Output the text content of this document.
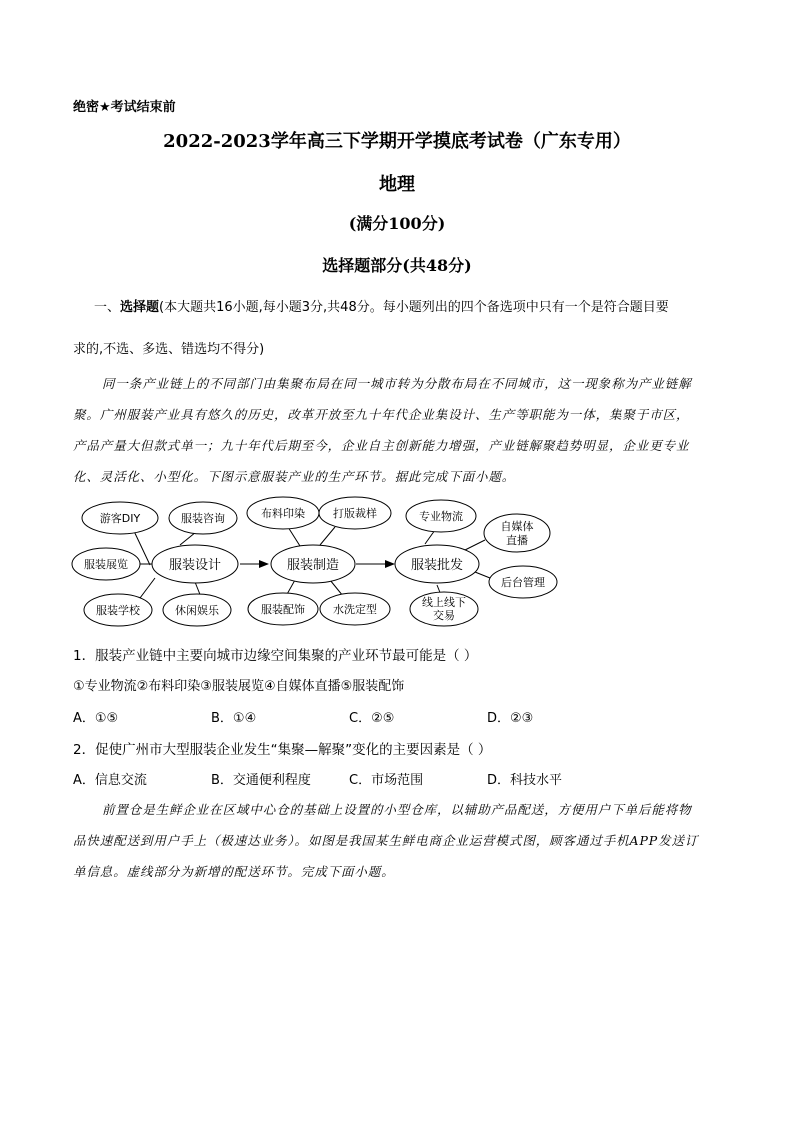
绝密★考试结束前
2022-2023学年高三下学期开学摸底考试卷（广东专用）
地理
(满分100分)
选择题部分(共48分)
一、选择题(本大题共16小题,每小题3分,共48分。每小题列出的四个备选项中只有一个是符合题目要
求的,不选、多选、错选均不得分)
同一条产业链上的不同部门由集聚布局在同一城市转为分散布局在不同城市，这一现象称为产业链解
聚。广州服装产业具有悠久的历史，改革开放至九十年代企业集设计、生产等职能为一体，集聚于市区，
产品产量大但款式单一；九十年代后期至今，企业自主创新能力增强，产业链解聚趋势明显，企业更专业
化、灵活化、小型化。下图示意服装产业的生产环节。据此完成下面小题。
服装设计
游客DIY	服装咨询
服装展览
服装学校	休闲娱乐
服装制造
布料印染	打版裁样
服装配饰	水洗定型
服装批发
专业物流
自媒体
直播
后台管理
线上线下
交易
1．服装产业链中主要向城市边缘空间集聚的产业环节最可能是（ ）
①专业物流②布料印染③服装展览④自媒体直播⑤服装配饰
A．①⑤	B．①④	C．②⑤	D．②③
2．促使广州市大型服装企业发生“集聚—解聚”变化的主要因素是（ ）
A．信息交流	B．交通便利程度	C．市场范围	D．科技水平
前置仓是生鲜企业在区域中心仓的基础上设置的小型仓库，以辅助产品配送，方便用户下单后能将物
品快速配送到用户手上（极速达业务）。如图是我国某生鲜电商企业运营模式图，顾客通过手机APP发送订
单信息。虚线部分为新增的配送环节。完成下面小题。
